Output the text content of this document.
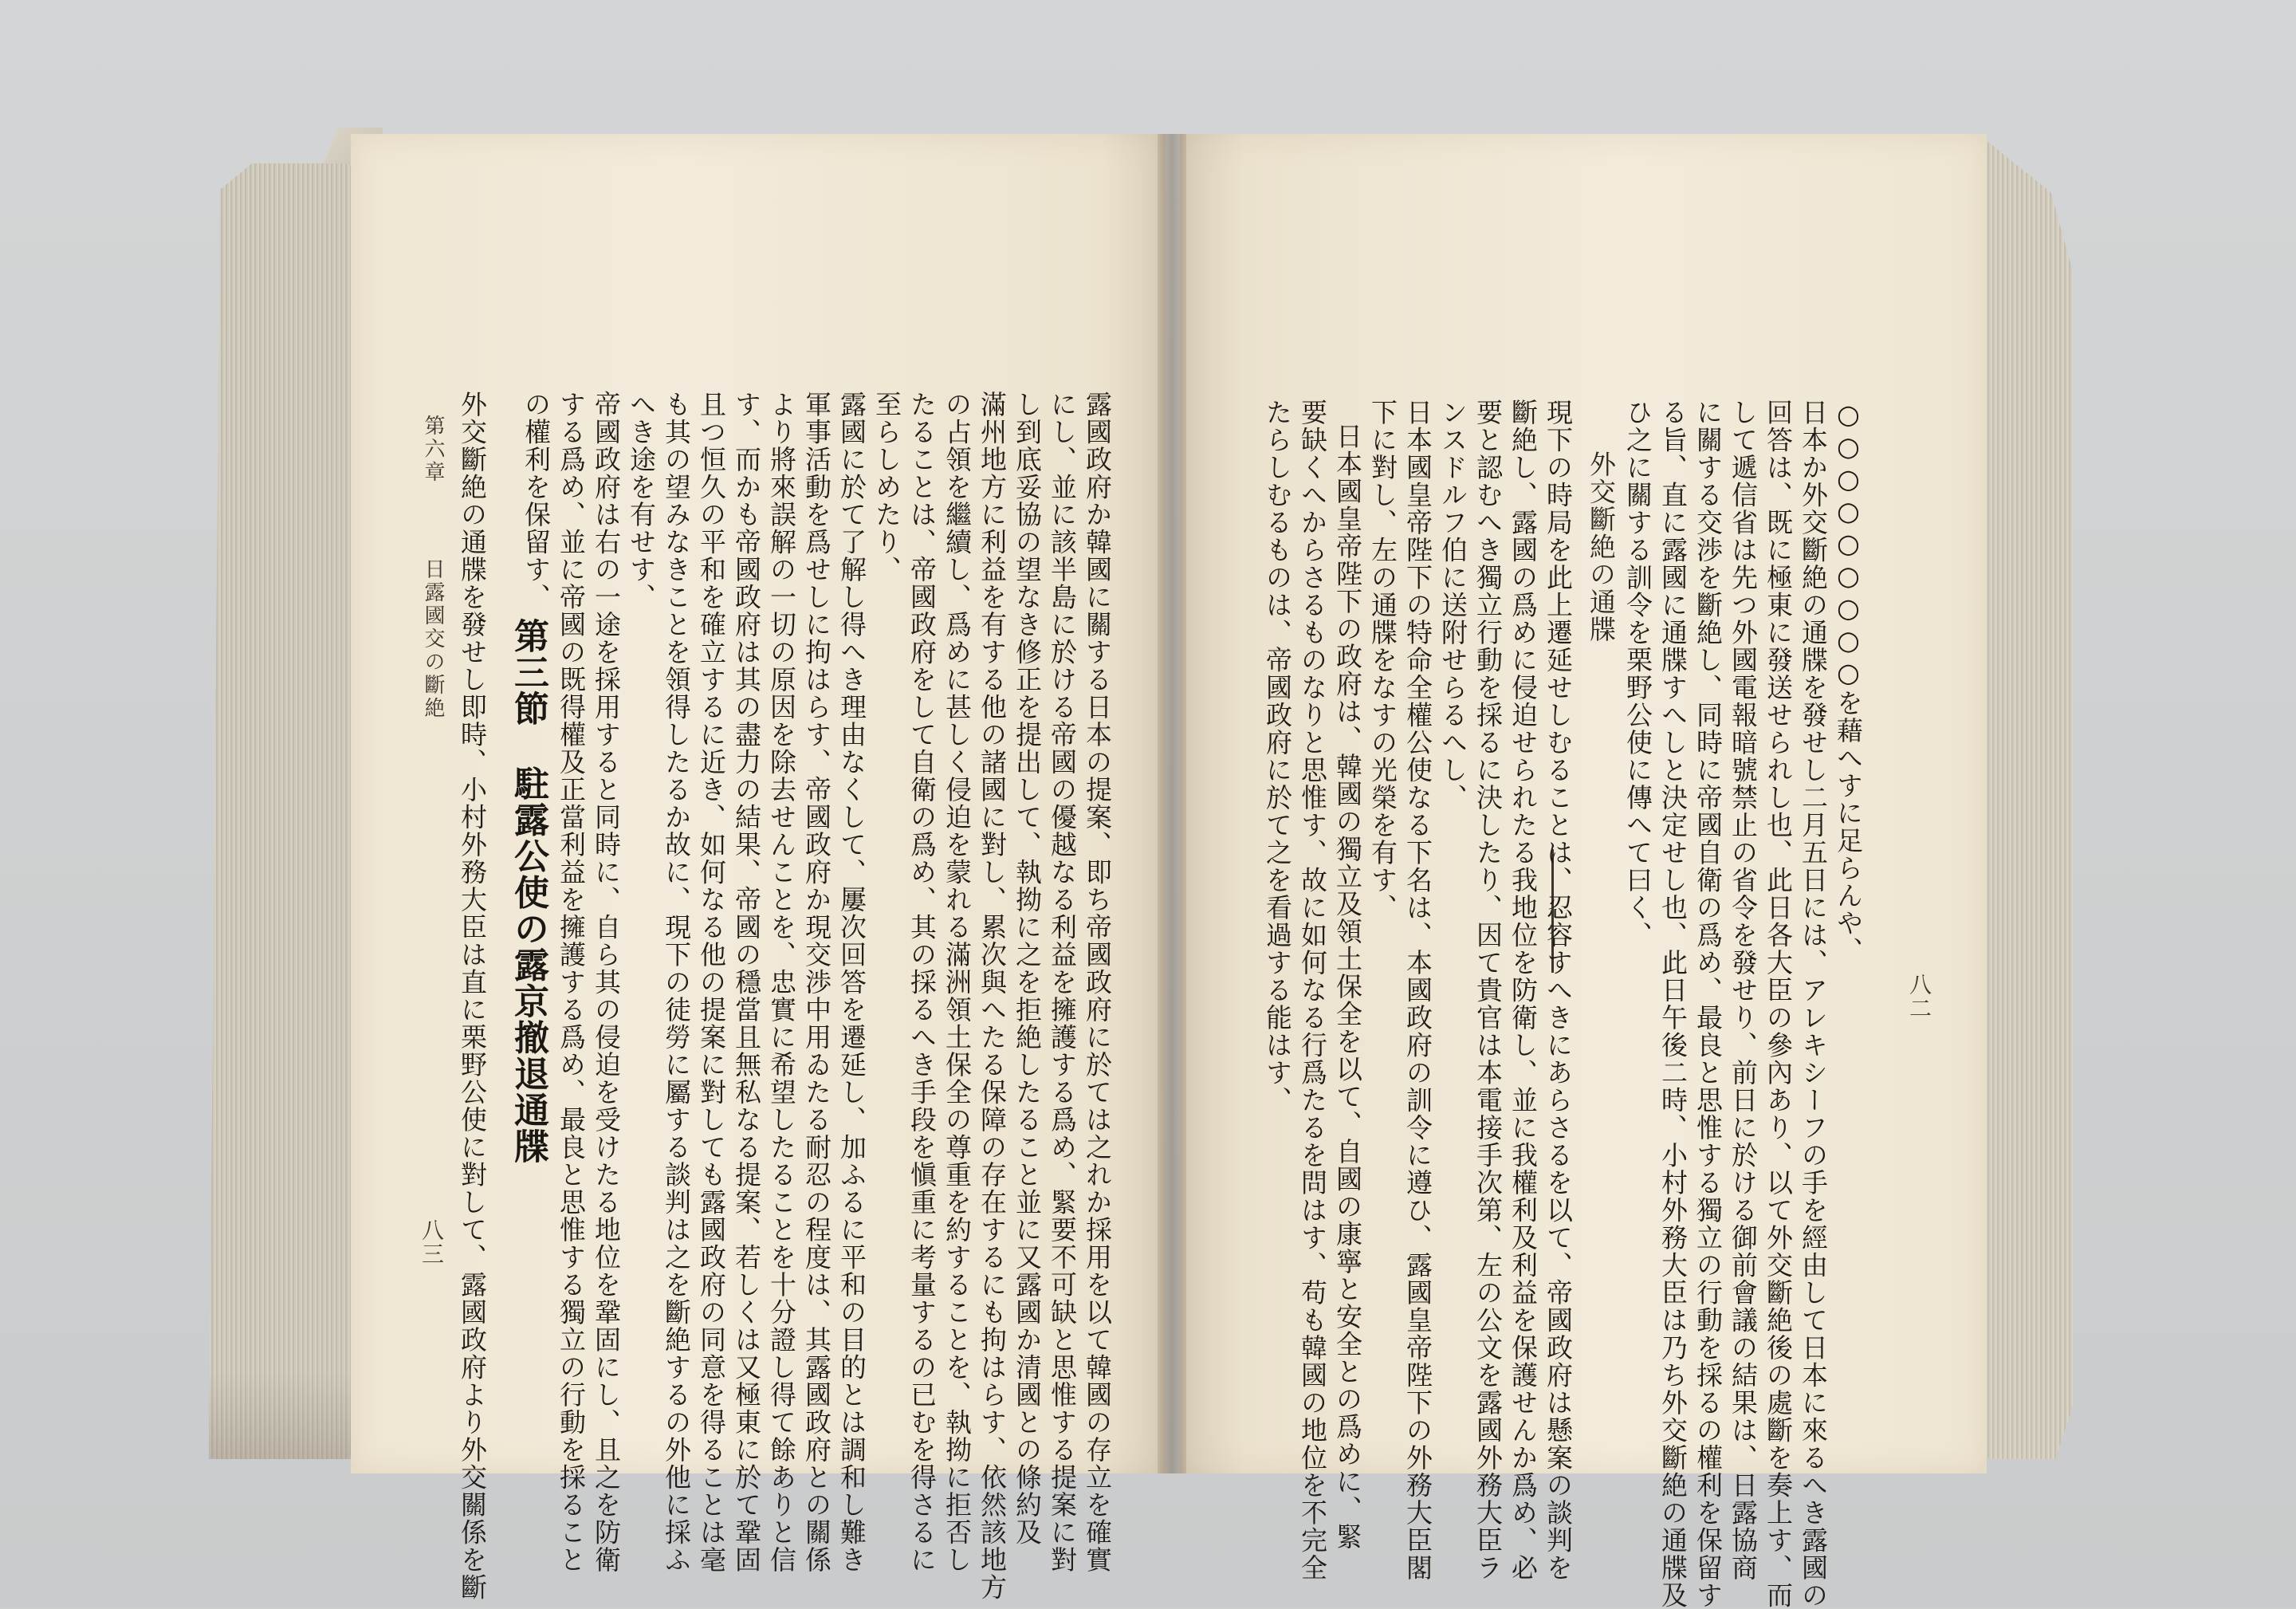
八二
○○○○○○○○○を藉へすに足らんや、
日本か外交斷絶の通牒を發せし二月五日には、アレキシーフの手を經由して日本に來るへき露國の
回答は、既に極東に發送せられし也、此日各大臣の參內あり、以て外交斷絶後の處斷を奏上す、而
して遞信省は先つ外國電報暗號禁止の省令を發せり、前日に於ける御前會議の結果は、日露協商
に關する交渉を斷絶し、同時に帝國自衛の爲め、最良と思惟する獨立の行動を採るの權利を保留す
る旨、直に露國に通牒すへしと決定せし也、此日午後二時、小村外務大臣は乃ち外交斷絶の通牒及
ひ之に關する訓令を栗野公使に傳へて曰く、
外交斷絶の通牒
現下の時局を此上遷延せしむることは、忍容すへきにあらさるを以て、帝國政府は懸案の談判を
斷絶し、露國の爲めに侵迫せられたる我地位を防衛し、並に我權利及利益を保護せんか爲め、必
要と認むへき獨立行動を採るに決したり、因て貴官は本電接手次第、左の公文を露國外務大臣ラ
ンスドルフ伯に送附せらるへし、
日本國皇帝陛下の特命全權公使なる下名は、本國政府の訓令に遵ひ、露國皇帝陛下の外務大臣閣
下に對し、左の通牒をなすの光榮を有す、
日本國皇帝陛下の政府は、韓國の獨立及領土保全を以て、自國の康寧と安全との爲めに、緊
要缺くへからさるものなりと思惟す、故に如何なる行爲たるを問はす、苟も韓國の地位を不完全
たらしむるものは、帝國政府に於て之を看過する能はす、
露國政府か韓國に關する日本の提案、即ち帝國政府に於ては之れか採用を以て韓國の存立を確實
にし、並に該半島に於ける帝國の優越なる利益を擁護する爲め、緊要不可缺と思惟する提案に對
し到底妥協の望なき修正を提出して、執拗に之を拒絶したること並に又露國か清國との條約及
滿州地方に利益を有する他の諸國に對し、累次與へたる保障の存在するにも拘はらす、依然該地方
の占領を繼續し、爲めに甚しく侵迫を蒙れる滿洲領土保全の尊重を約することを、執拗に拒否し
たることは、帝國政府をして自衛の爲め、其の採るへき手段を愼重に考量するの已むを得さるに
至らしめたり、
露國に於て了解し得へき理由なくして、屢次回答を遷延し、加ふるに平和の目的とは調和し難き
軍事活動を爲せしに拘はらす、帝國政府か現交渉中用ゐたる耐忍の程度は、其露國政府との關係
より將來誤解の一切の原因を除去せんことを、忠實に希望したることを十分證し得て餘ありと信
す、而かも帝國政府は其の盡力の結果、帝國の穩當且無私なる提案、若しくは又極東に於て鞏固
且つ恒久の平和を確立するに近き、如何なる他の提案に對しても露國政府の同意を得ることは毫
も其の望みなきことを領得したるか故に、現下の徒勞に屬する談判は之を斷絶するの外他に採ふ
へき途を有せす、
帝國政府は右の一途を採用すると同時に、自ら其の侵迫を受けたる地位を鞏固にし、且之を防衛
する爲め、並に帝國の既得權及正當利益を擁護する爲め、最良と思惟する獨立の行動を採ること
の權利を保留す、
第三節
駐露公使の露京撤退通牒
外交斷絶の通牒を發せし即時、小村外務大臣は直に栗野公使に對して、露國政府より外交關係を斷
第六章
日露國交の斷絶
八三
